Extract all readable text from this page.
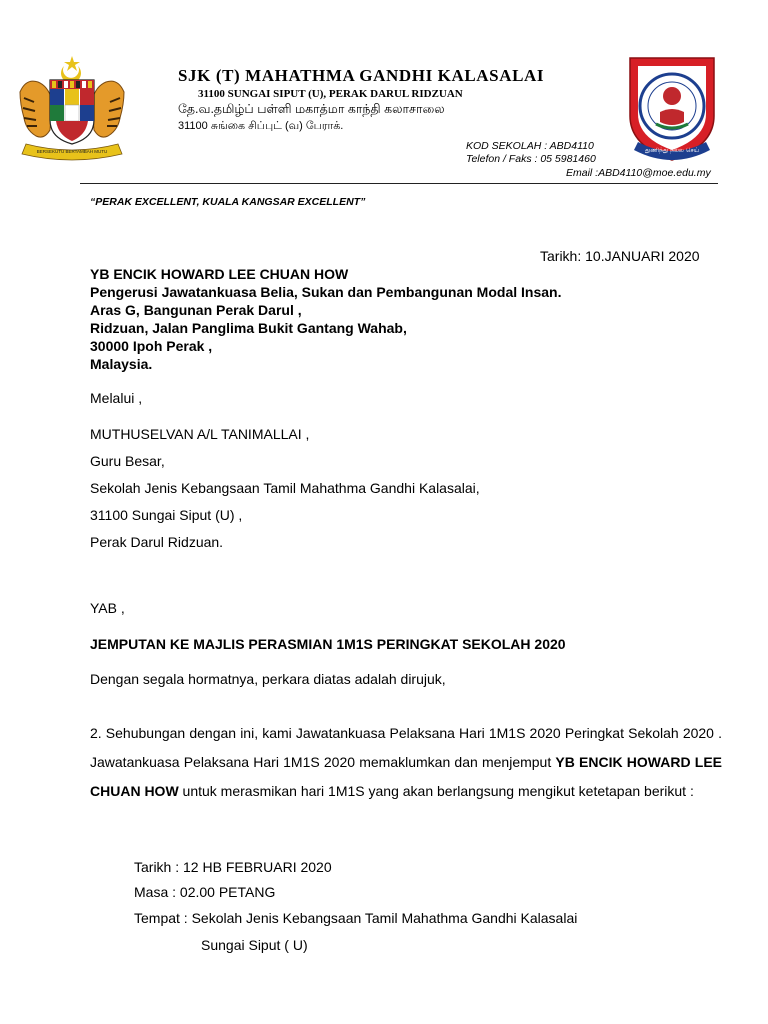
BERSEKUTU BERTAMBAH MUTU	துணிந்து நல்ல செய்
SJK (T) MAHATHMA GANDHI KALASALAI
31100 SUNGAI SIPUT (U), PERAK DARUL RIDZUAN
தே.வ.தமிழ்ப் பள்ளி மகாத்மா காந்தி கலாசாலை
31100 சுங்கை சிப்புட் (வ) பேராக்.
KOD SEKOLAH : ABD4110
Telefon / Faks : 05 5981460
Email :ABD4110@moe.edu.my
“PERAK EXCELLENT, KUALA KANGSAR EXCELLENT”
Tarikh: 10.JANUARI 2020
YB ENCIK HOWARD LEE CHUAN HOW
Pengerusi Jawatankuasa Belia, Sukan dan Pembangunan Modal Insan.
Aras G, Bangunan Perak Darul ,
Ridzuan, Jalan Panglima Bukit Gantang Wahab,
30000 Ipoh Perak ,
Malaysia.
Melalui ,
MUTHUSELVAN A/L TANIMALLAI ,
Guru Besar,
Sekolah Jenis Kebangsaan Tamil Mahathma Gandhi Kalasalai,
31100 Sungai Siput (U) ,
Perak Darul Ridzuan.
YAB ,
JEMPUTAN KE MAJLIS PERASMIAN 1M1S PERINGKAT SEKOLAH 2020
Dengan segala hormatnya, perkara diatas adalah dirujuk,
2. Sehubungan dengan ini, kami Jawatankuasa Pelaksana Hari 1M1S 2020 Peringkat Sekolah 2020 . Jawatankuasa Pelaksana Hari 1M1S 2020 memaklumkan dan menjemput YB ENCIK HOWARD LEE CHUAN HOW untuk merasmikan hari 1M1S yang akan berlangsung mengikut ketetapan berikut :
Tarikh : 12 HB FEBRUARI 2020
Masa : 02.00 PETANG
Tempat : Sekolah Jenis Kebangsaan Tamil Mahathma Gandhi Kalasalai
Sungai Siput ( U)
